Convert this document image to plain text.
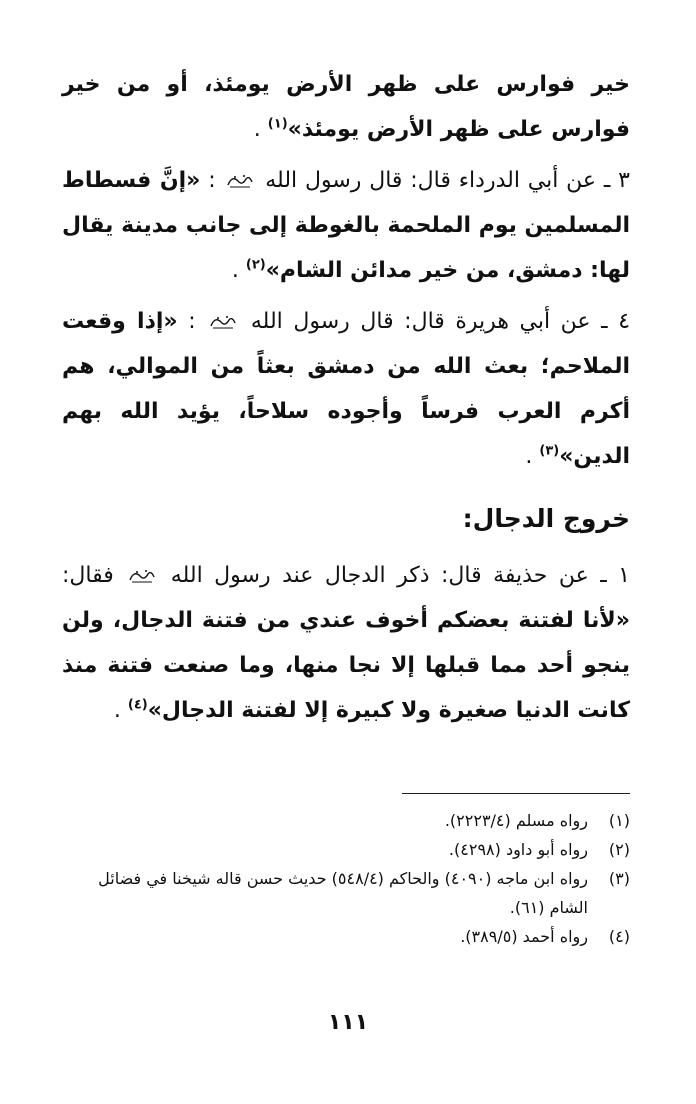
خير فوارس على ظهر الأرض يومئذ، أو من خير فوارس على ظهر الأرض يومئذ»$^{(١)}$ .

٣ ـ عن أبي الدرداء قال: قال رسول الله
: «إنَّ فسطاط المسلمين يوم الملحمة بالغوطة إلى جانب مدينة يقال لها: دمشق، من خير مدائن الشام»$^{(٢)}$ .

٤ ـ عن أبي هريرة قال: قال رسول الله
: «إذا وقعت الملاحم؛ بعث الله من دمشق بعثاً من الموالي، هم أكرم العرب فرساً وأجوده سلاحاً، يؤيد الله بهم الدين»$^{(٣)}$ .

خروج الدجال:

١ ـ عن حذيفة قال: ذكر الدجال عند رسول الله
فقال: «لأنا لفتنة بعضكم أخوف عندي من فتنة الدجال، ولن ينجو أحد مما قبلها إلا نجا منها، وما صنعت فتنة منذ كانت الدنيا صغيرة ولا كبيرة إلا لفتنة الدجال»$^{(٤)}$ .

(١)
رواه مسلم (٢٢٢٣/٤).
(٢)
رواه أبو داود (٤٢٩٨).
(٣)
رواه ابن ماجه (٤٠٩٠) والحاكم (٥٤٨/٤) حديث حسن قاله شيخنا في فضائل الشام (٦١).
(٤)
رواه أحمد (٣٨٩/٥).
١١١
